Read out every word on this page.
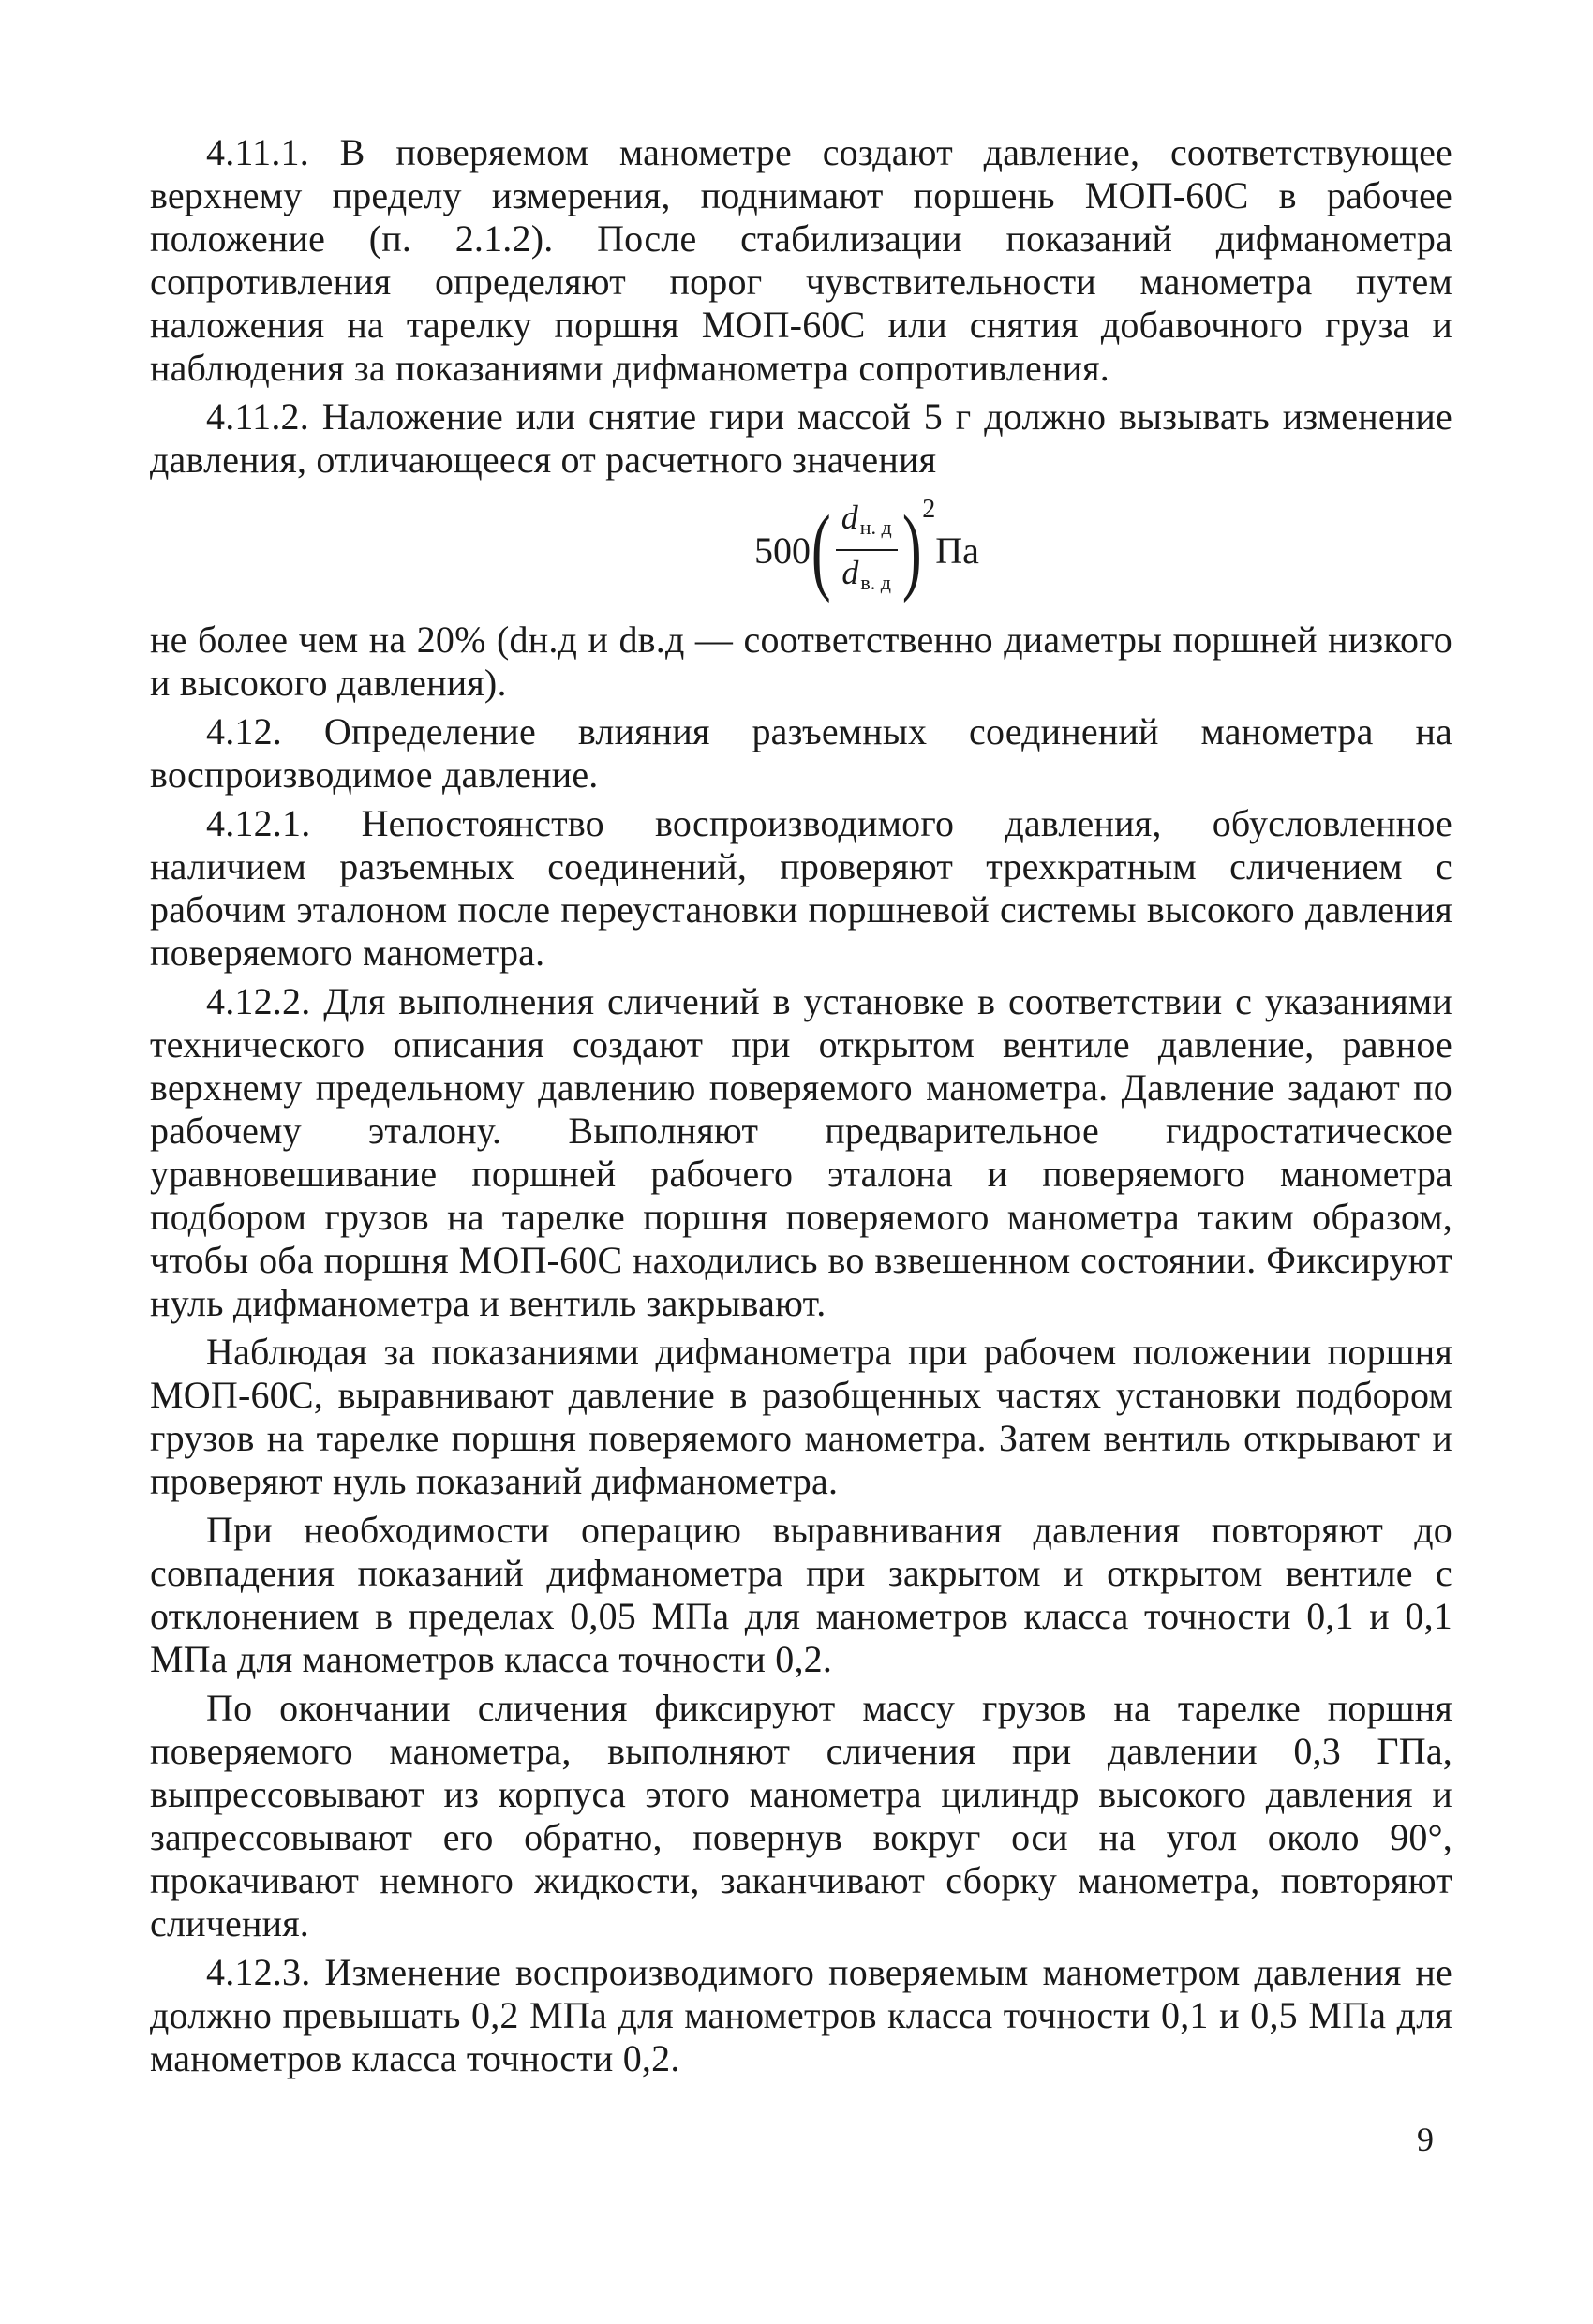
4.11.1. В поверяемом манометре создают давление, соответствующее верхнему пределу измерения, поднимают поршень МОП-60С в рабочее положение (п. 2.1.2). После стабилизации показаний дифманометра сопротивления определяют порог чувствительности манометра путем наложения на тарелку поршня МОП-60С или снятия добавочного груза и наблюдения за показаниями дифманометра сопротивления.

4.11.2. Наложение или снятие гири массой 5 г должно вызывать изменение давления, отличающееся от расчетного значения

500 ( $\frac{d_{н. д}}{d_{в. д}}$ ) 2
Па

не более чем на 20% (dн.д и dв.д — соответственно диаметры поршней низкого и высокого давления).

4.12. Определение влияния разъемных соединений манометра на воспроизводимое давление.

4.12.1. Непостоянство воспроизводимого давления, обусловленное наличием разъемных соединений, проверяют трехкратным сличением с рабочим эталоном после переустановки поршневой системы высокого давления поверяемого манометра.

4.12.2. Для выполнения сличений в установке в соответствии с указаниями технического описания создают при открытом вентиле давление, равное верхнему предельному давлению поверяемого манометра. Давление задают по рабочему эталону. Выполняют предварительное гидростатическое уравновешивание поршней рабочего эталона и поверяемого манометра подбором грузов на тарелке поршня поверяемого манометра таким образом, чтобы оба поршня МОП-60С находились во взвешенном состоянии. Фиксируют нуль дифманометра и вентиль закрывают.

Наблюдая за показаниями дифманометра при рабочем положении поршня МОП-60С, выравнивают давление в разобщенных частях установки подбором грузов на тарелке поршня поверяемого манометра. Затем вентиль открывают и проверяют нуль показаний дифманометра.

При необходимости операцию выравнивания давления повторяют до совпадения показаний дифманометра при закрытом и открытом вентиле с отклонением в пределах 0,05 МПа для манометров класса точности 0,1 и 0,1 МПа для манометров класса точности 0,2.

По окончании сличения фиксируют массу грузов на тарелке поршня поверяемого манометра, выполняют сличения при давлении 0,3 ГПа, выпрессовывают из корпуса этого манометра цилиндр высокого давления и запрессовывают его обратно, повернув вокруг оси на угол около 90°, прокачивают немного жидкости, заканчивают сборку манометра, повторяют сличения.

4.12.3. Изменение воспроизводимого поверяемым манометром давления не должно превышать 0,2 МПа для манометров класса точности 0,1 и 0,5 МПа для манометров класса точности 0,2.

9
